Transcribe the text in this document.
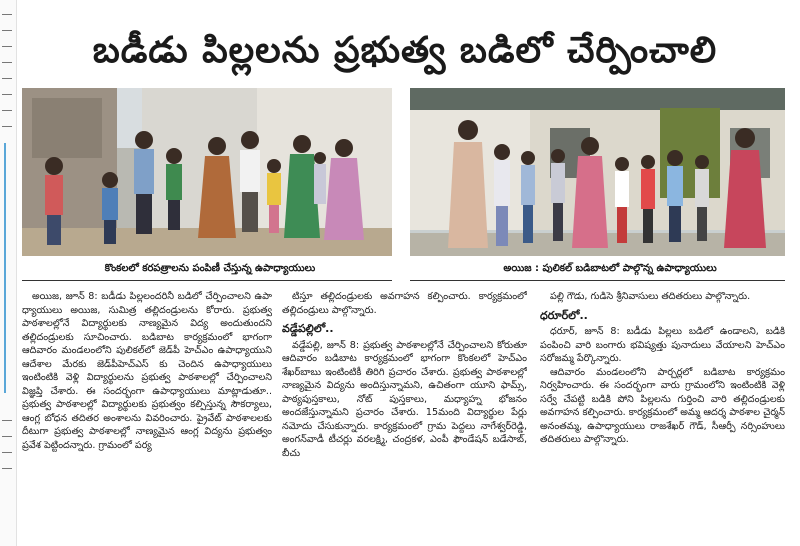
బడీడు పిల్లలను ప్రభుత్వ బడిలో చేర్పించాలి
కొంకలలో కరపత్రాలను పంపిణీ చేస్తున్న ఉపాధ్యాయులు	అయిజ : పులికల్ బడిబాటలో పాల్గొన్న ఉపాధ్యాయులు

అయిజ, జూన్ 8: బడీడు పిల్లలందరినీ బడిలో చేర్పించాలని ఉపా ధ్యాయులు అయిజ, సుమిత్ర తల్లిదండ్రులను కోరారు. ప్రభుత్వ పాఠశాలల్లోనే విద్యార్థులకు నాణ్యమైన విద్య అందుతుందని తల్లిదండ్రులకు సూచించారు. బడిబాట కార్యక్రమంలో భాగంగా ఆదివారం మండలంలోని పులికల్‌లో జెడ్‌పీ హెచ్‌ఎం ఉపాధ్యాయుని ఆదేశాల మేరకు జెడ్‌పీహెచ్‌ఎస్ కు చెందిన ఉపాధ్యాయులు ఇంటింటికి వెళ్లి విద్యార్థులను ప్రభుత్వ పాఠశాలల్లో చేర్పించాలని విజ్ఞప్తి చేశారు. ఈ సందర్భంగా ఉపాధ్యాయులు మాట్లాడుతూ.. ప్రభుత్వ పాఠశాలల్లో విద్యార్థులకు ప్రభుత్వం కల్పిస్తున్న సౌకర్యాలు, ఆంగ్ల బోధన తదితర అంశాలను వివరించారు. ప్రైవేట్ పాఠశాలలకు దీటుగా ప్రభుత్వ పాఠశాలల్లో నాణ్యమైన ఆంగ్ల విద్యను ప్రభుత్వం ప్రవేశ పెట్టిందన్నారు. గ్రామంలో పర్య

టిస్తూ తల్లిదండ్రులకు అవగాహన కల్పించారు. కార్యక్రమంలో తల్లిదండ్రులు పాల్గొన్నారు.

వడ్డేపల్లిలో..

వడ్డేపల్లి, జూన్ 8: ప్రభుత్వ పాఠశాలల్లోనే చేర్పించాలని కోరుతూ ఆదివారం బడిబాట కార్యక్రమంలో భాగంగా కొంకలలో హెచ్‌ఎం శేఖర్‌బాబు ఇంటింటికీ తిరిగి ప్రచారం చేశారు. ప్రభుత్వ పాఠశాలల్లో నాణ్యమైన విద్యను అందిస్తున్నామని, ఉచితంగా యూని ఫామ్స్, పాఠ్యపుస్తకాలు, నోట్ పుస్తకాలు, మధ్యాహ్న భోజనం అందజేస్తున్నామని ప్రచారం చేశారు. 15మంది విద్యార్థుల పేర్లు నమోదు చేసుకున్నారు. కార్యక్రమంలో గ్రామ పెద్దలు నాగేశ్వర్‌రెడ్డి, అంగన్‌వాడీ టీచర్లు వరలక్ష్మి, చంద్రకళ, ఎంపీ ఫౌండేషన్ బడేసాబ్, బీచు

పల్లి గౌడు, గుడిసె శ్రీనివాసులు తదితరులు పాల్గొన్నారు.

ధరూర్‌లో..

ధరూర్, జూన్ 8: బడీడు పిల్లలు బడిలో ఉండాలని, బడికి పంపించి వారి బంగారు భవిష్యత్తు పునాదులు వేయాలని హెచ్‌ఎం సరోజమ్మ పేర్కొన్నారు.

ఆదివారం మండలంలోని పార్చర్లలో బడిబాట కార్యక్రమం నిర్వహించారు. ఈ సందర్భంగా వారు గ్రామంలోని ఇంటింటికి వెళ్లి సర్వే చేపట్టి బడికి పోని పిల్లలను గుర్తించి వారి తల్లిదండ్రులకు అవగాహన కల్పించారు. కార్యక్రమంలో అమ్మ ఆదర్శ పాఠశాల చైర్మన్ అనంతమ్మ, ఉపాధ్యాయులు రాజశేఖర్ గౌడ్, సీఆర్పీ నర్సింహులు తదితరులు పాల్గొన్నారు.
